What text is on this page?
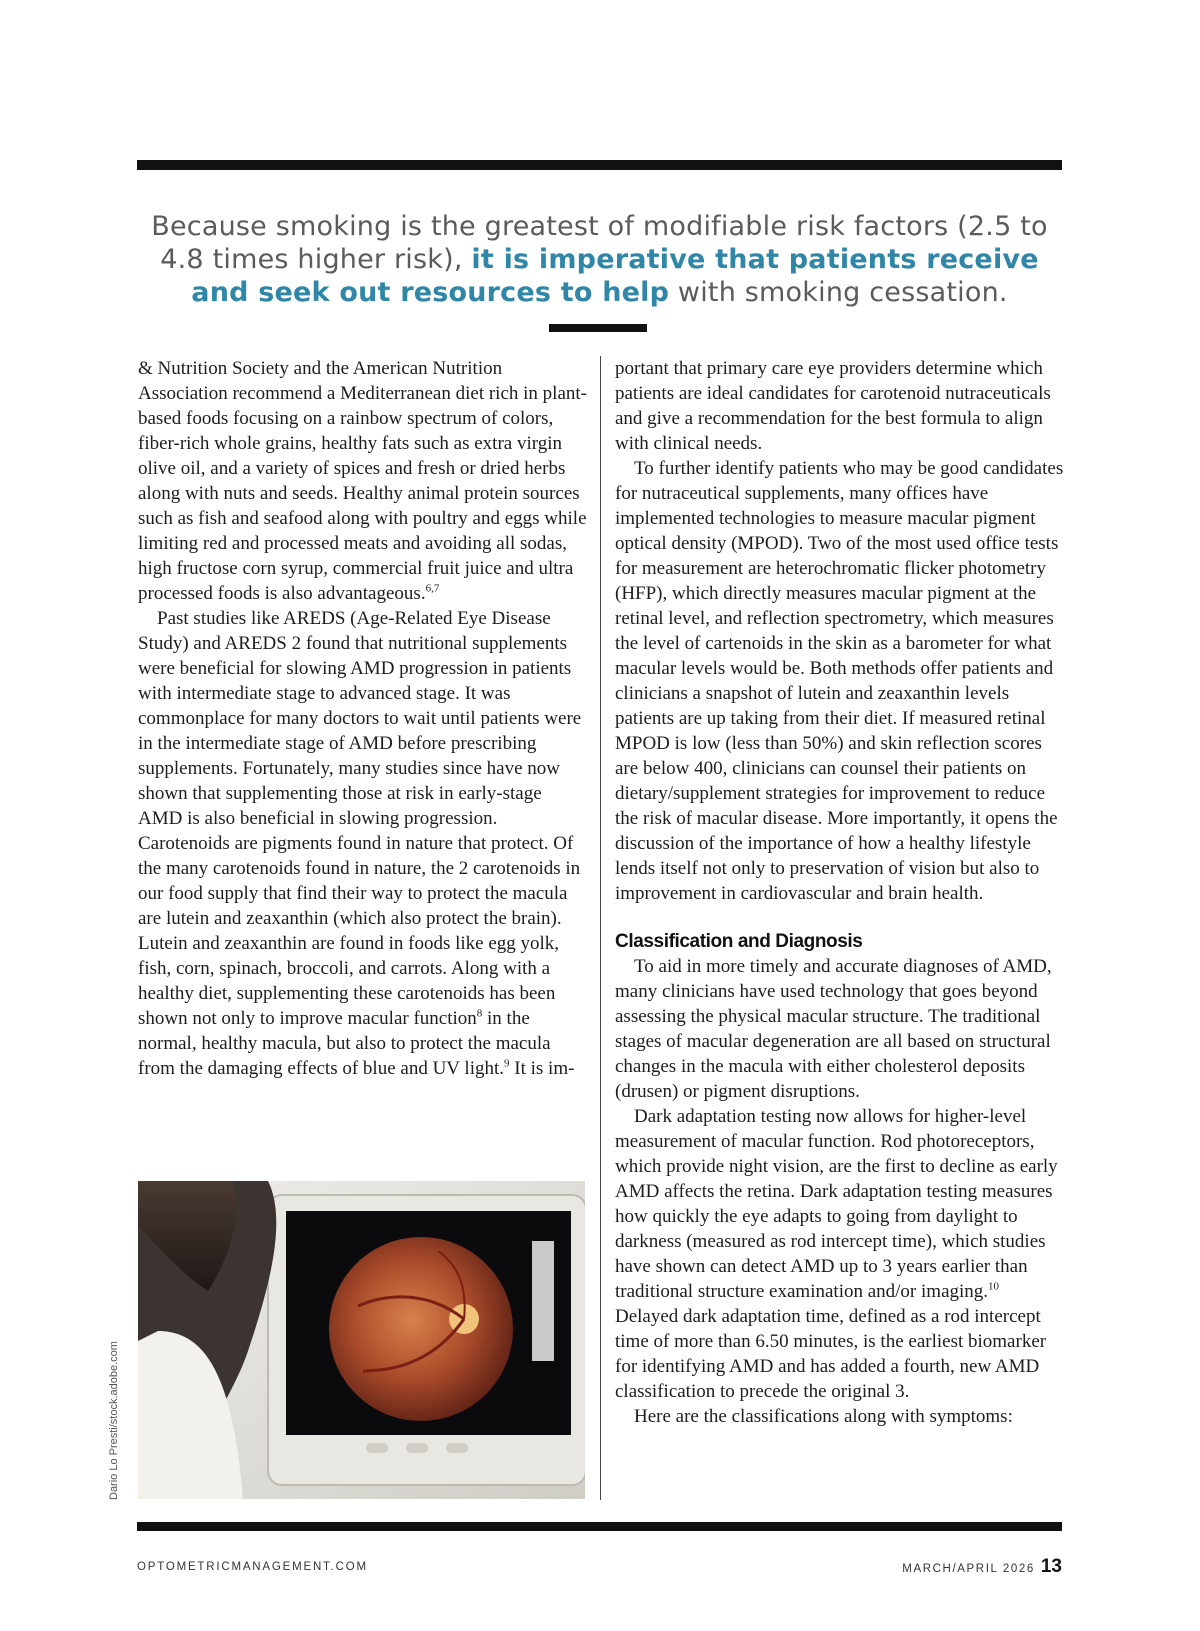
Because smoking is the greatest of modifiable risk factors (2.5 to 4.8 times higher risk), it is imperative that patients receive and seek out resources to help with smoking cessation.

& Nutrition Society and the American Nutrition Association recommend a Mediterranean diet rich in plant-based foods focusing on a rainbow spectrum of colors, fiber-rich whole grains, healthy fats such as extra virgin olive oil, and a variety of spices and fresh or dried herbs along with nuts and seeds. Healthy animal protein sources such as fish and seafood along with poultry and eggs while limiting red and processed meats and avoiding all sodas, high fructose corn syrup, commercial fruit juice and ultra processed foods is also advantageous.$^{6,7}$

Past studies like AREDS (Age-Related Eye Disease Study) and AREDS 2 found that nutritional supplements were beneficial for slowing AMD progression in patients with intermediate stage to advanced stage. It was commonplace for many doctors to wait until patients were in the intermediate stage of AMD before prescribing supplements. Fortunately, many studies since have now shown that supplementing those at risk in early-stage AMD is also beneficial in slowing progression. Carotenoids are pigments found in nature that protect. Of the many carotenoids found in nature, the 2 carotenoids in our food supply that find their way to protect the macula are lutein and zeaxanthin (which also protect the brain). Lutein and zeaxanthin are found in foods like egg yolk, fish, corn, spinach, broccoli, and carrots. Along with a healthy diet, supplementing these carotenoids has been shown not only to improve macular function$^8$ in the normal, healthy macula, but also to protect the macula from the damaging effects of blue and UV light.$^9$ It is im-

portant that primary care eye providers determine which patients are ideal candidates for carotenoid nutraceuticals and give a recommendation for the best formula to align with clinical needs.

To further identify patients who may be good candidates for nutraceutical supplements, many offices have implemented technologies to measure macular pigment optical density (MPOD). Two of the most used office tests for measurement are heterochromatic flicker photometry (HFP), which directly measures macular pigment at the retinal level, and reflection spectrometry, which measures the level of cartenoids in the skin as a barometer for what macular levels would be. Both methods offer patients and clinicians a snapshot of lutein and zeaxanthin levels patients are up taking from their diet. If measured retinal MPOD is low (less than 50%) and skin reflection scores are below 400, clinicians can counsel their patients on dietary/supplement strategies for improvement to reduce the risk of macular disease. More importantly, it opens the discussion of the importance of how a healthy lifestyle lends itself not only to preservation of vision but also to improvement in cardiovascular and brain health.

Classification and Diagnosis

To aid in more timely and accurate diagnoses of AMD, many clinicians have used technology that goes beyond assessing the physical macular structure. The traditional stages of macular degeneration are all based on structural changes in the macula with either cholesterol deposits (drusen) or pigment disruptions.

Dark adaptation testing now allows for higher-level measurement of macular function. Rod photoreceptors, which provide night vision, are the first to decline as early AMD affects the retina. Dark adaptation testing measures how quickly the eye adapts to going from daylight to darkness (measured as rod intercept time), which studies have shown can detect AMD up to 3 years earlier than traditional structure examination and/or imaging.$^{10}$ Delayed dark adaptation time, defined as a rod intercept time of more than 6.50 minutes, is the earliest biomarker for identifying AMD and has added a fourth, new AMD classification to precede the original 3.

Here are the classifications along with symptoms:

Dario Lo Presti/stock.adobe.com
OPTOMETRICMANAGEMENT.COM	MARCH/APRIL 2026 13
